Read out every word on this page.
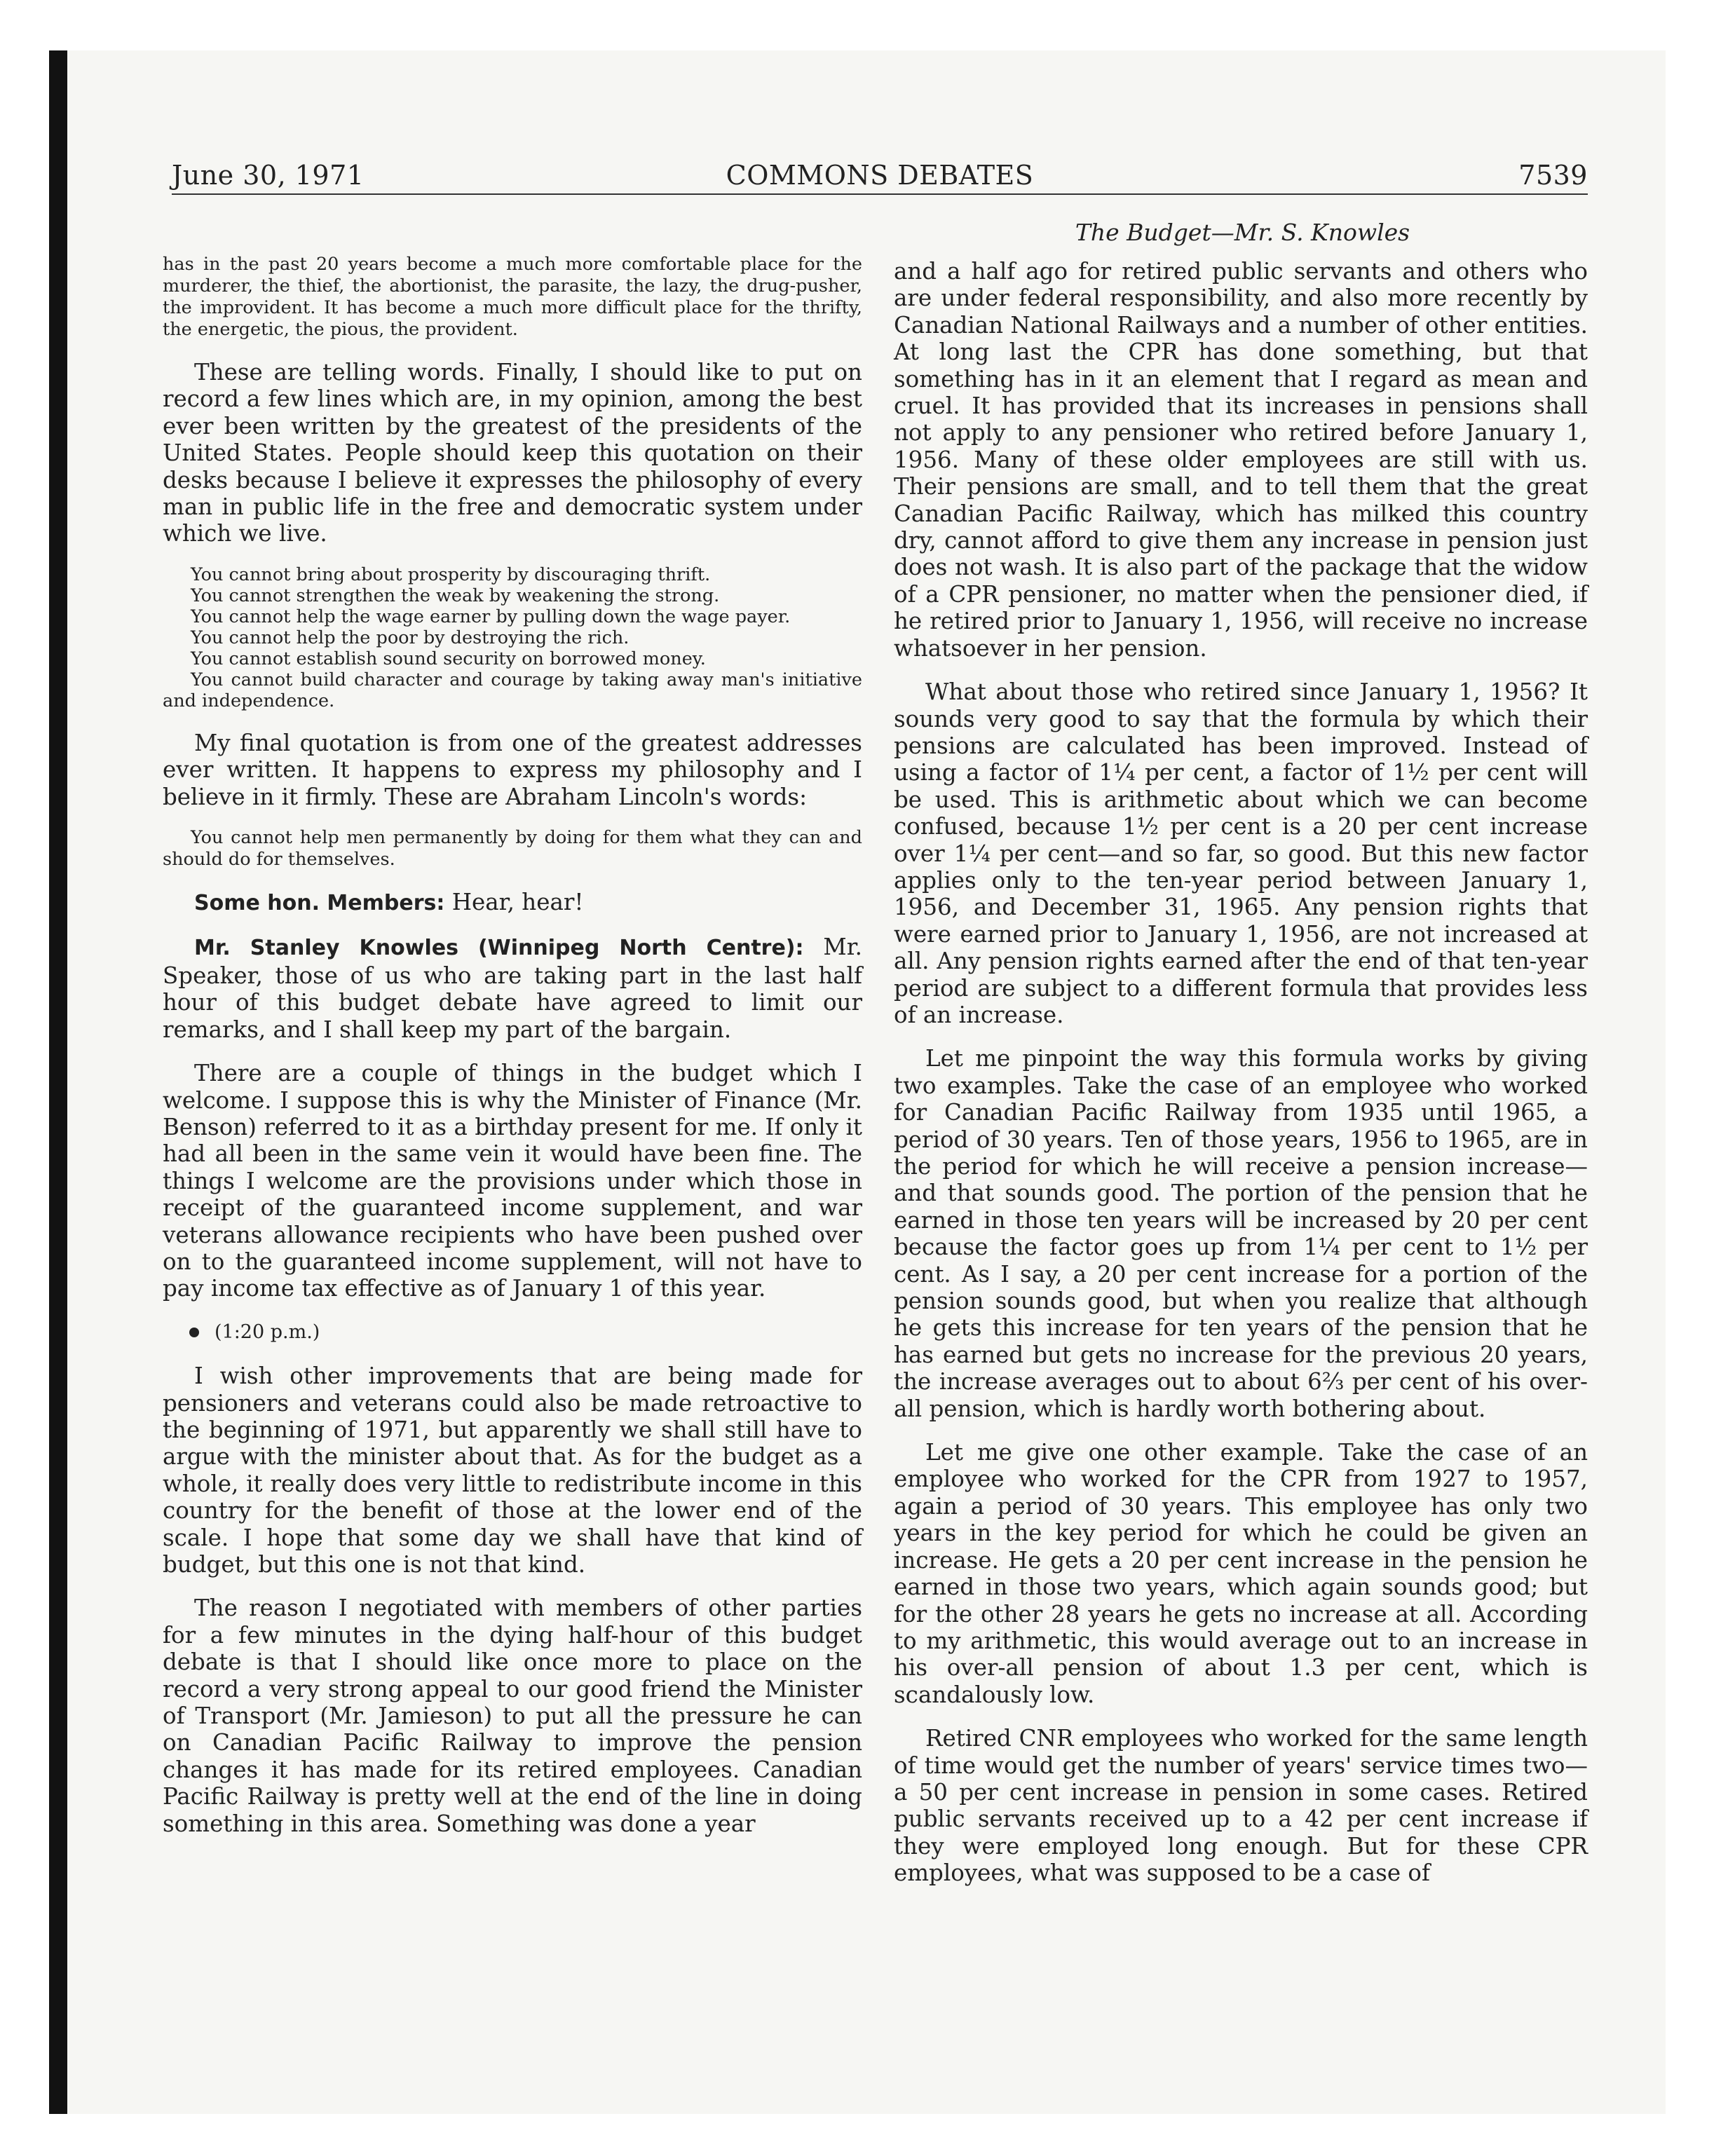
June 30, 1971	COMMONS DEBATES	7539
The Budget—Mr. S. Knowles
has in the past 20 years become a much more comfortable place for the murderer, the thief, the abortionist, the parasite, the lazy, the drug-pusher, the improvident. It has become a much more difficult place for the thrifty, the energetic, the pious, the provident.

These are telling words. Finally, I should like to put on record a few lines which are, in my opinion, among the best ever been written by the greatest of the presidents of the United States. People should keep this quotation on their desks because I believe it expresses the philosophy of every man in public life in the free and democratic system under which we live.

You cannot bring about prosperity by discouraging thrift.
You cannot strengthen the weak by weakening the strong.
You cannot help the wage earner by pulling down the wage payer.
You cannot help the poor by destroying the rich.
You cannot establish sound security on borrowed money.
You cannot build character and courage by taking away man's initiative and independence.

My final quotation is from one of the greatest addresses ever written. It happens to express my philosophy and I believe in it firmly. These are Abraham Lincoln's words:

You cannot help men permanently by doing for them what they can and should do for themselves.

Some hon. Members: Hear, hear!

Mr. Stanley Knowles (Winnipeg North Centre): Mr. Speaker, those of us who are taking part in the last half hour of this budget debate have agreed to limit our remarks, and I shall keep my part of the bargain.

There are a couple of things in the budget which I welcome. I suppose this is why the Minister of Finance (Mr. Benson) referred to it as a birthday present for me. If only it had all been in the same vein it would have been fine. The things I welcome are the provisions under which those in receipt of the guaranteed income supplement, and war veterans allowance recipients who have been pushed over on to the guaranteed income supplement, will not have to pay income tax effective as of January 1 of this year.

(1:20 p.m.)

I wish other improvements that are being made for pensioners and veterans could also be made retroactive to the beginning of 1971, but apparently we shall still have to argue with the minister about that. As for the budget as a whole, it really does very little to redistribute income in this country for the benefit of those at the lower end of the scale. I hope that some day we shall have that kind of budget, but this one is not that kind.

The reason I negotiated with members of other parties for a few minutes in the dying half-hour of this budget debate is that I should like once more to place on the record a very strong appeal to our good friend the Minister of Transport (Mr. Jamieson) to put all the pressure he can on Canadian Pacific Railway to improve the pension changes it has made for its retired employees. Canadian Pacific Railway is pretty well at the end of the line in doing something in this area. Something was done a year

and a half ago for retired public servants and others who are under federal responsibility, and also more recently by Canadian National Railways and a number of other entities. At long last the CPR has done something, but that something has in it an element that I regard as mean and cruel. It has provided that its increases in pensions shall not apply to any pensioner who retired before January 1, 1956. Many of these older employees are still with us. Their pensions are small, and to tell them that the great Canadian Pacific Railway, which has milked this country dry, cannot afford to give them any increase in pension just does not wash. It is also part of the package that the widow of a CPR pensioner, no matter when the pensioner died, if he retired prior to January 1, 1956, will receive no increase whatsoever in her pension.

What about those who retired since January 1, 1956? It sounds very good to say that the formula by which their pensions are calculated has been improved. Instead of using a factor of 1¼ per cent, a factor of 1½ per cent will be used. This is arithmetic about which we can become confused, because 1½ per cent is a 20 per cent increase over 1¼ per cent—and so far, so good. But this new factor applies only to the ten-year period between January 1, 1956, and December 31, 1965. Any pension rights that were earned prior to January 1, 1956, are not increased at all. Any pension rights earned after the end of that ten-year period are subject to a different formula that provides less of an increase.

Let me pinpoint the way this formula works by giving two examples. Take the case of an employee who worked for Canadian Pacific Railway from 1935 until 1965, a period of 30 years. Ten of those years, 1956 to 1965, are in the period for which he will receive a pension increase—and that sounds good. The portion of the pension that he earned in those ten years will be increased by 20 per cent because the factor goes up from 1¼ per cent to 1½ per cent. As I say, a 20 per cent increase for a portion of the pension sounds good, but when you realize that although he gets this increase for ten years of the pension that he has earned but gets no increase for the previous 20 years, the increase averages out to about 6⅔ per cent of his over-all pension, which is hardly worth bothering about.

Let me give one other example. Take the case of an employee who worked for the CPR from 1927 to 1957, again a period of 30 years. This employee has only two years in the key period for which he could be given an increase. He gets a 20 per cent increase in the pension he earned in those two years, which again sounds good; but for the other 28 years he gets no increase at all. According to my arithmetic, this would average out to an increase in his over-all pension of about 1.3 per cent, which is scandalously low.

Retired CNR employees who worked for the same length of time would get the number of years' service times two—a 50 per cent increase in pension in some cases. Retired public servants received up to a 42 per cent increase if they were employed long enough. But for these CPR employees, what was supposed to be a case of
